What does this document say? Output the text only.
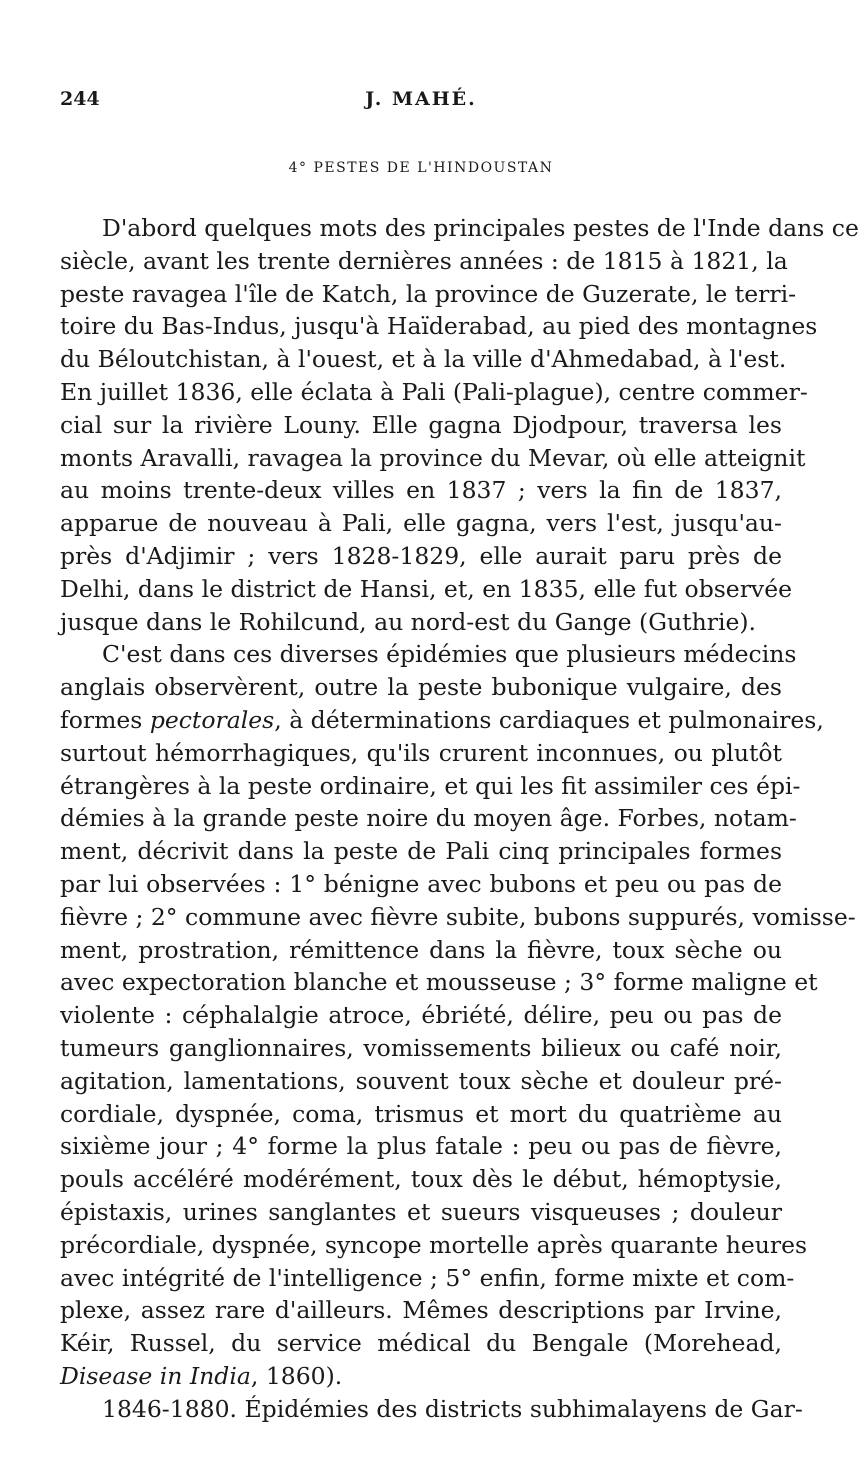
244	J. MAHÉ.
4° PESTES DE L'HINDOUSTAN
D'abord quelques mots des principales pestes de l'Inde dans ce
siècle, avant les trente dernières années : de 1815 à 1821, la
peste ravagea l'île de Katch, la province de Guzerate, le terri-
toire du Bas-Indus, jusqu'à Haïderabad, au pied des montagnes
du Béloutchistan, à l'ouest, et à la ville d'Ahmedabad, à l'est.
En juillet 1836, elle éclata à Pali (Pali-plague), centre commer-
cial sur la rivière Louny. Elle gagna Djodpour, traversa les
monts Aravalli, ravagea la province du Mevar, où elle atteignit
au moins trente-deux villes en 1837 ; vers la fin de 1837,
apparue de nouveau à Pali, elle gagna, vers l'est, jusqu'au-
près d'Adjimir ; vers 1828-1829, elle aurait paru près de
Delhi, dans le district de Hansi, et, en 1835, elle fut observée
jusque dans le Rohilcund, au nord-est du Gange (Guthrie).
C'est dans ces diverses épidémies que plusieurs médecins
anglais observèrent, outre la peste bubonique vulgaire, des
formes pectorales, à déterminations cardiaques et pulmonaires,
surtout hémorrhagiques, qu'ils crurent inconnues, ou plutôt
étrangères à la peste ordinaire, et qui les fit assimiler ces épi-
démies à la grande peste noire du moyen âge. Forbes, notam-
ment, décrivit dans la peste de Pali cinq principales formes
par lui observées : 1° bénigne avec bubons et peu ou pas de
fièvre ; 2° commune avec fièvre subite, bubons suppurés, vomisse-
ment, prostration, rémittence dans la fièvre, toux sèche ou
avec expectoration blanche et mousseuse ; 3° forme maligne et
violente : céphalalgie atroce, ébriété, délire, peu ou pas de
tumeurs ganglionnaires, vomissements bilieux ou café noir,
agitation, lamentations, souvent toux sèche et douleur pré-
cordiale, dyspnée, coma, trismus et mort du quatrième au
sixième jour ; 4° forme la plus fatale : peu ou pas de fièvre,
pouls accéléré modérément, toux dès le début, hémoptysie,
épistaxis, urines sanglantes et sueurs visqueuses ; douleur
précordiale, dyspnée, syncope mortelle après quarante heures
avec intégrité de l'intelligence ; 5° enfin, forme mixte et com-
plexe, assez rare d'ailleurs. Mêmes descriptions par Irvine,
Kéir, Russel, du service médical du Bengale (Morehead,
Disease in India, 1860).
1846-1880. Épidémies des districts subhimalayens de Gar-
